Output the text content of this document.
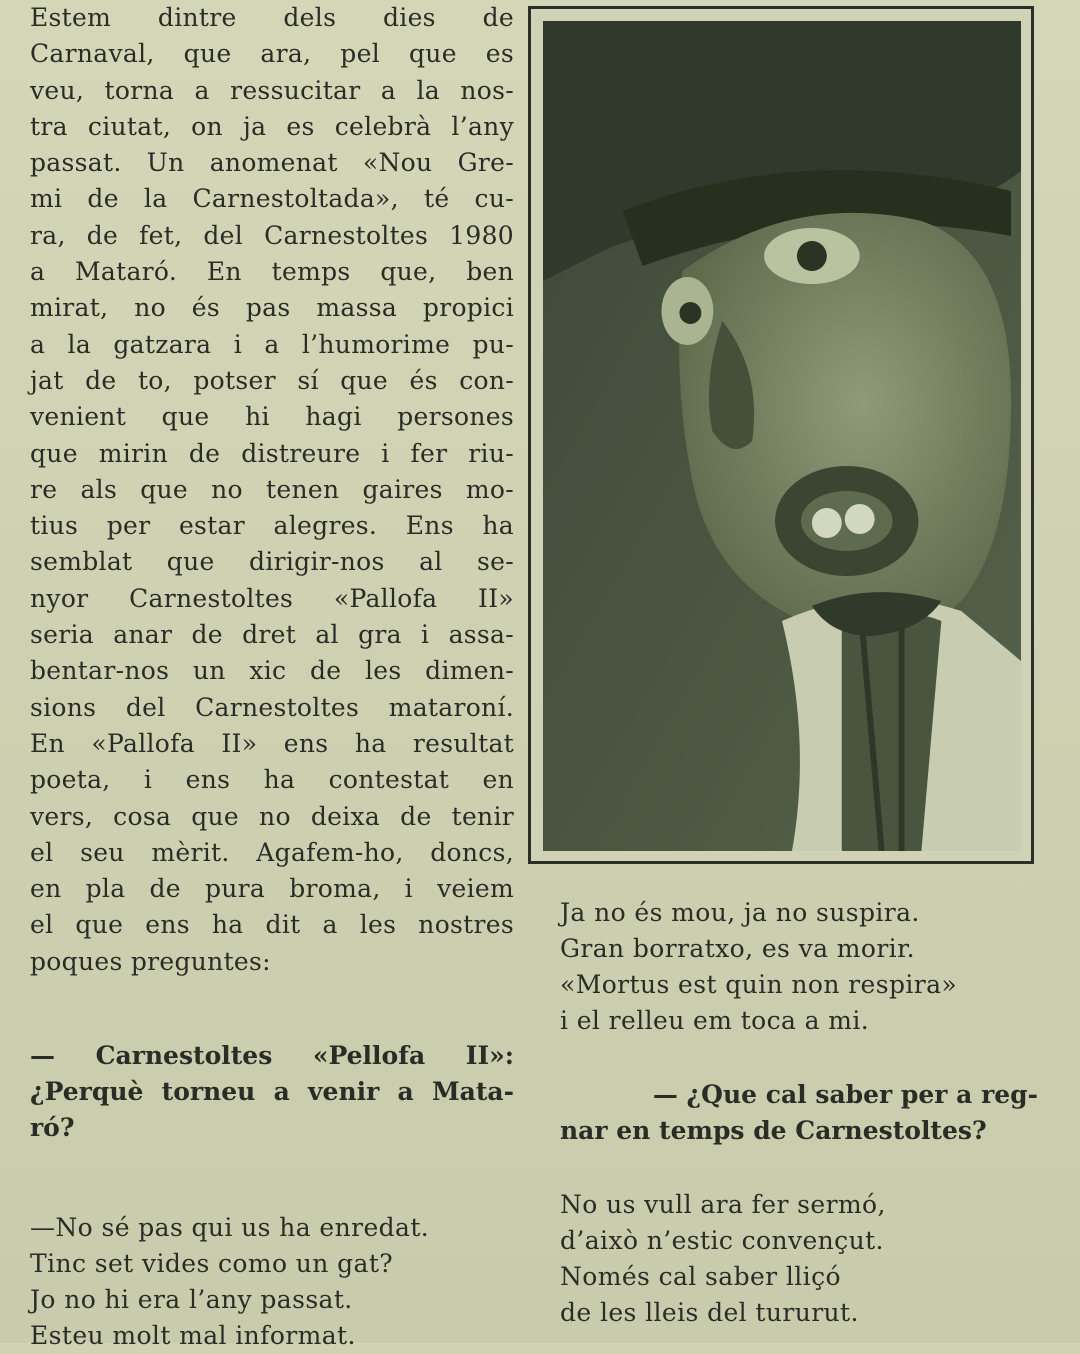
Estem dintre dels dies de
Carnaval, que ara, pel que es
veu, torna a ressucitar a la nos-
tra ciutat, on ja es celebrà l’any
passat. Un anomenat «Nou Gre-
mi de la Carnestoltada», té cu-
ra, de fet, del Carnestoltes 1980
a Mataró. En temps que, ben
mirat, no és pas massa propici
a la gatzara i a l’humorime pu-
jat de to, potser sí que és con-
venient que hi hagi persones
que mirin de distreure i fer riu-
re als que no tenen gaires mo-
tius per estar alegres. Ens ha
semblat que dirigir-nos al se-
nyor Carnestoltes «Pallofa II»
seria anar de dret al gra i assa-
bentar-nos un xic de les dimen-
sions del Carnestoltes mataroní.
En «Pallofa II» ens ha resultat
poeta, i ens ha contestat en
vers, cosa que no deixa de tenir
el seu mèrit. Agafem-ho, doncs,
en pla de pura broma, i veiem
el que ens ha dit a les nostres
poques preguntes:

— Carnestoltes «Pellofa II»:
¿Perquè torneu a venir a Mata-
ró?

—No sé pas qui us ha enredat.
Tinc set vides como un gat?
Jo no hi era l’any passat.
Esteu molt mal informat.

Ja no és mou, ja no suspira.
Gran borratxo, es va morir.
«Mortus est quin non respira»
i el relleu em toca a mi.

— ¿Que cal saber per a reg-
nar en temps de Carnestoltes?

No us vull ara fer sermó,
d’això n’estic convençut.
Només cal saber lliçó
de les lleis del tururut.
